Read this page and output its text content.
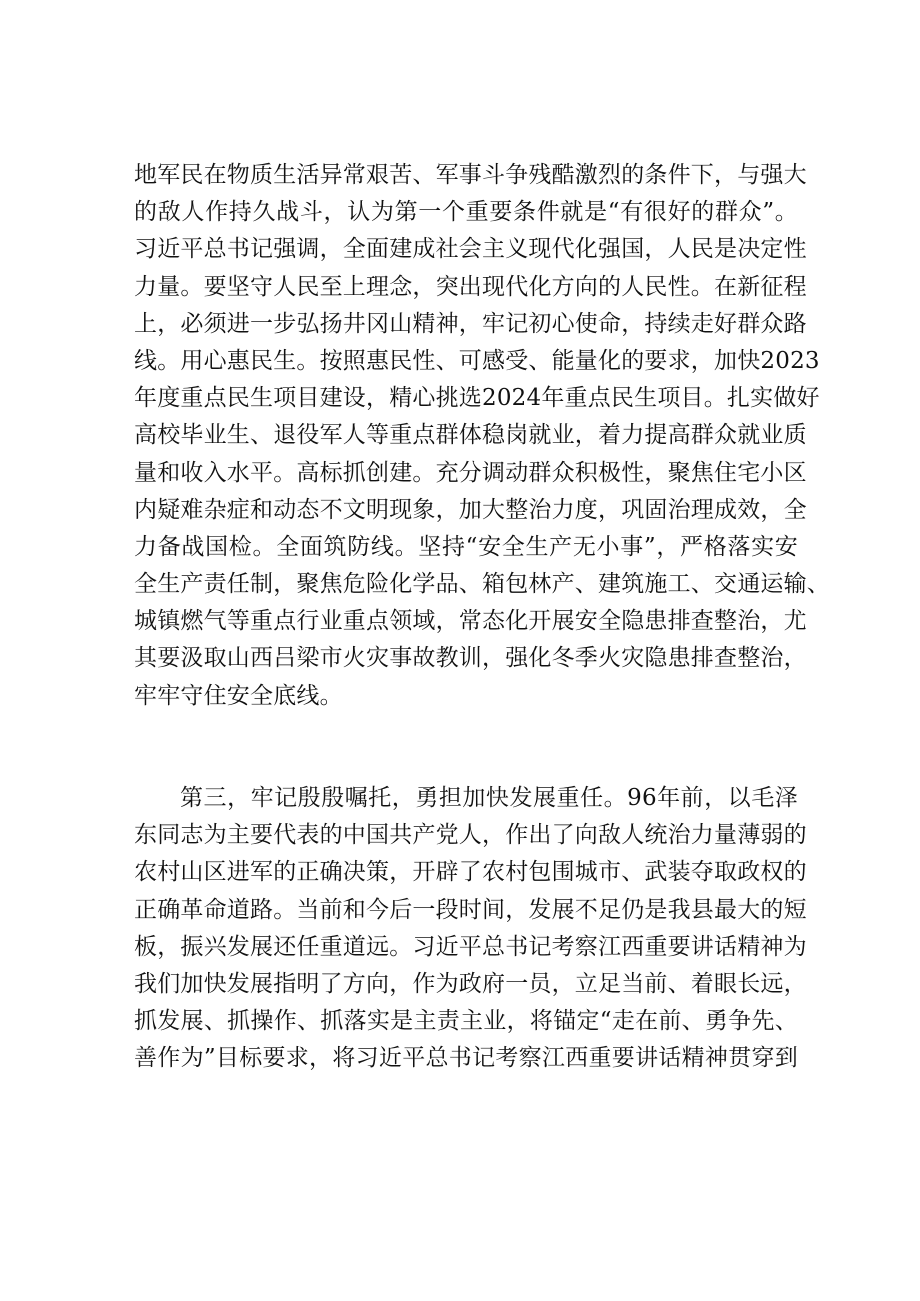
地军民在物质生活异常艰苦、军事斗争残酷激烈的条件下，与强大
的敌人作持久战斗，认为第一个重要条件就是“有很好的群众”。
习近平总书记强调，全面建成社会主义现代化强国，人民是决定性
力量。要坚守人民至上理念，突出现代化方向的人民性。在新征程
上，必须进一步弘扬井冈山精神，牢记初心使命，持续走好群众路
线。用心惠民生。按照惠民性、可感受、能量化的要求，加快2023
年度重点民生项目建设，精心挑选2024年重点民生项目。扎实做好
高校毕业生、退役军人等重点群体稳岗就业，着力提高群众就业质
量和收入水平。高标抓创建。充分调动群众积极性，聚焦住宅小区
内疑难杂症和动态不文明现象，加大整治力度，巩固治理成效，全
力备战国检。全面筑防线。坚持“安全生产无小事”，严格落实安
全生产责任制，聚焦危险化学品、箱包林产、建筑施工、交通运输、
城镇燃气等重点行业重点领域，常态化开展安全隐患排查整治，尤
其要汲取山西吕梁市火灾事故教训，强化冬季火灾隐患排查整治，
牢牢守住安全底线。
第三，牢记殷殷嘱托，勇担加快发展重任。96年前，以毛泽
东同志为主要代表的中国共产党人，作出了向敌人统治力量薄弱的
农村山区进军的正确决策，开辟了农村包围城市、武装夺取政权的
正确革命道路。当前和今后一段时间，发展不足仍是我县最大的短
板，振兴发展还任重道远。习近平总书记考察江西重要讲话精神为
我们加快发展指明了方向，作为政府一员，立足当前、着眼长远，
抓发展、抓操作、抓落实是主责主业，将锚定“走在前、勇争先、
善作为”目标要求，将习近平总书记考察江西重要讲话精神贯穿到
